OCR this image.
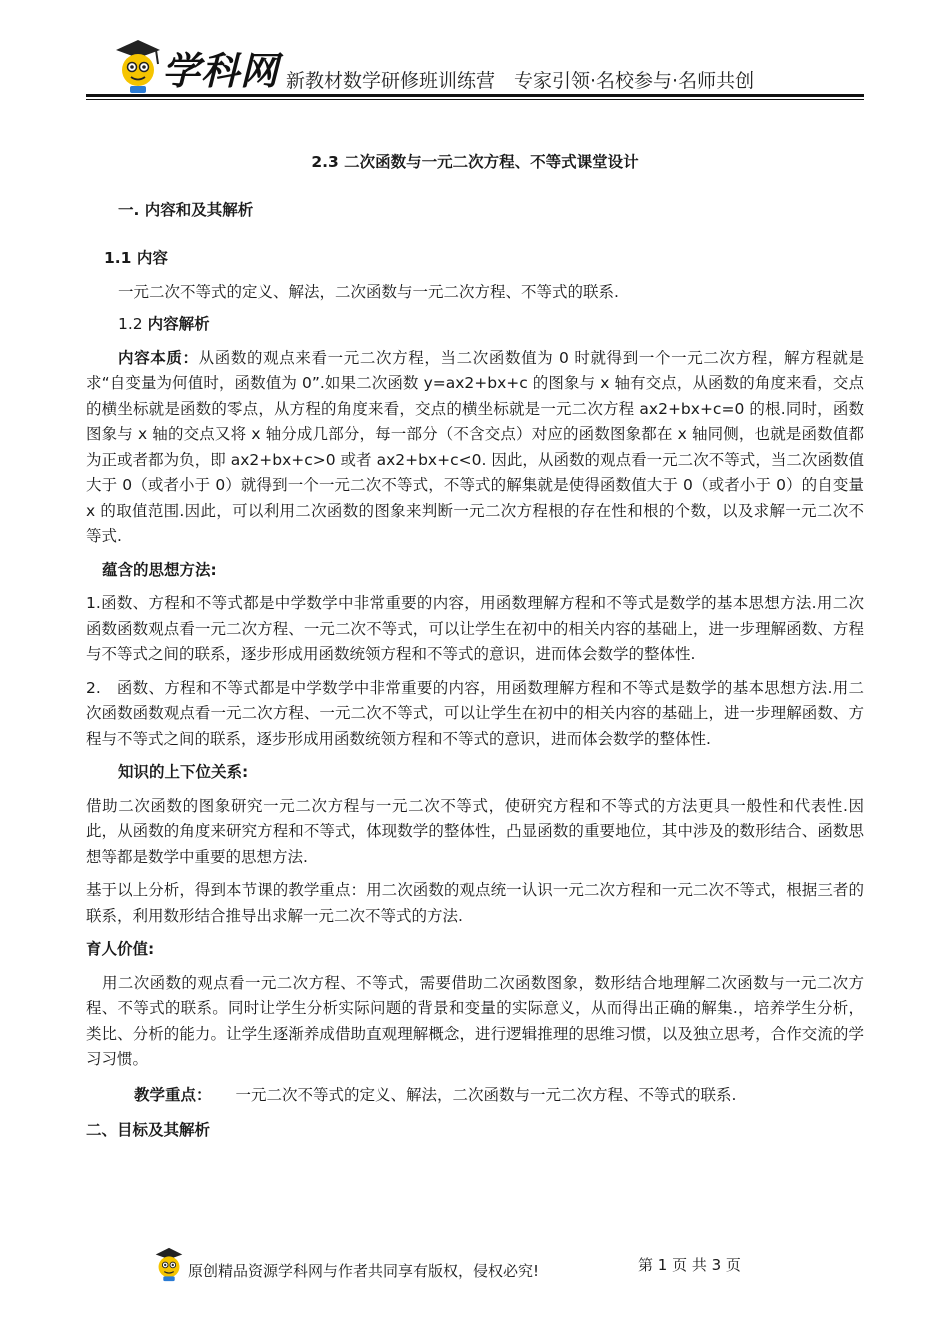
学科网 新教材数学研修班训练营　专家引领·名校参与·名师共创

2.3 二次函数与一元二次方程、不等式课堂设计

一. 内容和及其解析

1.1 内容

一元二次不等式的定义、解法，二次函数与一元二次方程、不等式的联系.

1.2 内容解析

内容本质：从函数的观点来看一元二次方程，当二次函数值为 0 时就得到一个一元二次方程，解方程就是求“自变量为何值时，函数值为 0”.如果二次函数 y=ax2+bx+c 的图象与 x 轴有交点，从函数的角度来看，交点的横坐标就是函数的零点，从方程的角度来看，交点的横坐标就是一元二次方程 ax2+bx+c=0 的根.同时，函数图象与 x 轴的交点又将 x 轴分成几部分，每一部分（不含交点）对应的函数图象都在 x 轴同侧，也就是函数值都为正或者都为负，即 ax2+bx+c>0 或者 ax2+bx+c<0. 因此，从函数的观点看一元二次不等式，当二次函数值大于 0（或者小于 0）就得到一个一元二次不等式，不等式的解集就是使得函数值大于 0（或者小于 0）的自变量 x 的取值范围.因此，可以利用二次函数的图象来判断一元二次方程根的存在性和根的个数，以及求解一元二次不等式.

蕴含的思想方法:

1.函数、方程和不等式都是中学数学中非常重要的内容，用函数理解方程和不等式是数学的基本思想方法.用二次函数函数观点看一元二次方程、一元二次不等式，可以让学生在初中的相关内容的基础上，进一步理解函数、方程与不等式之间的联系，逐步形成用函数统领方程和不等式的意识，进而体会数学的整体性.

2.　函数、方程和不等式都是中学数学中非常重要的内容，用函数理解方程和不等式是数学的基本思想方法.用二次函数函数观点看一元二次方程、一元二次不等式，可以让学生在初中的相关内容的基础上，进一步理解函数、方程与不等式之间的联系，逐步形成用函数统领方程和不等式的意识，进而体会数学的整体性.

知识的上下位关系:

借助二次函数的图象研究一元二次方程与一元二次不等式，使研究方程和不等式的方法更具一般性和代表性.因此，从函数的角度来研究方程和不等式，体现数学的整体性，凸显函数的重要地位，其中涉及的数形结合、函数思想等都是数学中重要的思想方法.

基于以上分析，得到本节课的教学重点：用二次函数的观点统一认识一元二次方程和一元二次不等式，根据三者的联系，利用数形结合推导出求解一元二次不等式的方法.

育人价值:

用二次函数的观点看一元二次方程、不等式，需要借助二次函数图象，数形结合地理解二次函数与一元二次方程、不等式的联系。同时让学生分析实际问题的背景和变量的实际意义，从而得出正确的解集.，培养学生分析，类比、分析的能力。让学生逐渐养成借助直观理解概念，进行逻辑推理的思维习惯，以及独立思考，合作交流的学习习惯。

教学重点： 一元二次不等式的定义、解法，二次函数与一元二次方程、不等式的联系.

二、目标及其解析

原创精品资源学科网与作者共同享有版权，侵权必究!	第 1 页 共 3 页
